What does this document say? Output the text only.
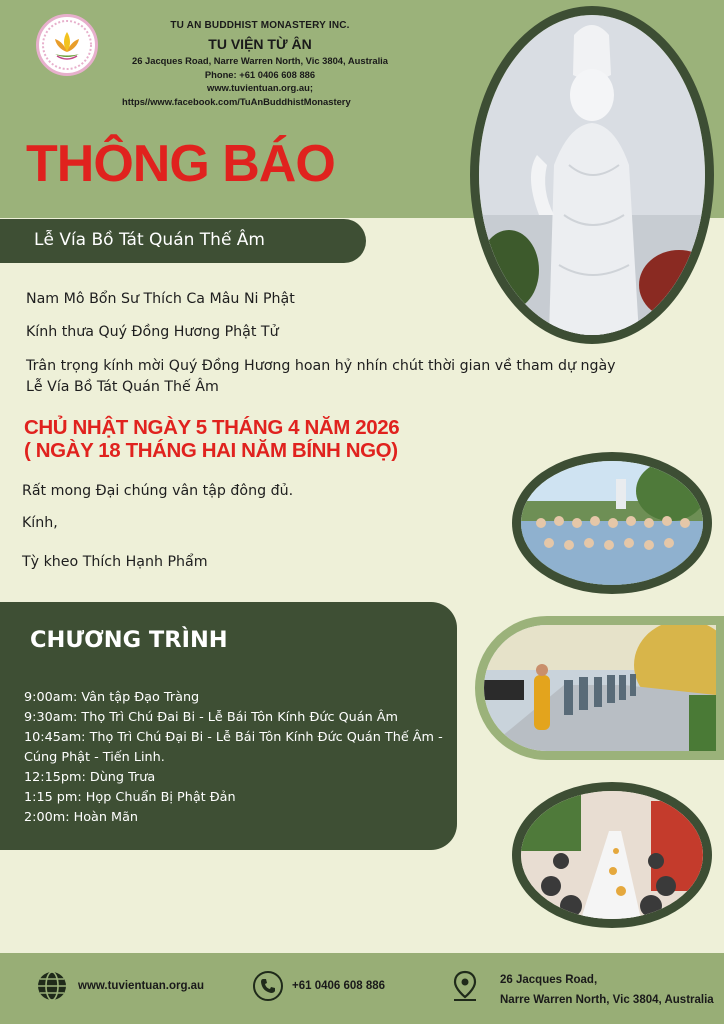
TU AN BUDDHIST MONASTERY INC.
TU VIỆN TỪ ÂN
26 Jacques Road, Narre Warren North, Vic 3804, Australia
Phone: +61 0406 608 886
www.tuvientuan.org.au;
https//www.facebook.com/TuAnBuddhistMonastery
THÔNG BÁO
Lễ Vía Bồ Tát Quán Thế Âm
Nam Mô Bổn Sư Thích Ca Mâu Ni Phật
Kính thưa Quý Đồng Hương Phật Tử
Trân trọng kính mời Quý Đồng Hương hoan hỷ nhín chút thời gian về tham dự ngày Lễ Vía Bồ Tát Quán Thế Âm
CHỦ NHẬT NGÀY 5 THÁNG 4 NĂM 2026
( NGÀY 18 THÁNG HAI NĂM BÍNH NGỌ)
Rất mong Đại chúng vân tập đông đủ.
Kính,
Tỳ kheo Thích Hạnh Phẩm
CHƯƠNG TRÌNH
9:00am: Vân tập Đạo Tràng
9:30am: Thọ Trì Chú Đai Bi - Lễ Bái Tôn Kính Đức Quán Âm
10:45am: Thọ Trì Chú Đại Bi - Lễ Bái Tôn Kính Đức Quán Thế Âm - Cúng Phật - Tiến Linh.
12:15pm: Dùng Trưa
1:15 pm: Họp Chuẩn Bị Phật Đản
2:00m: Hoàn Mãn
www.tuvientuan.org.au	+61 0406 608 886	26 Jacques Road,
Narre Warren North, Vic 3804, Australia
